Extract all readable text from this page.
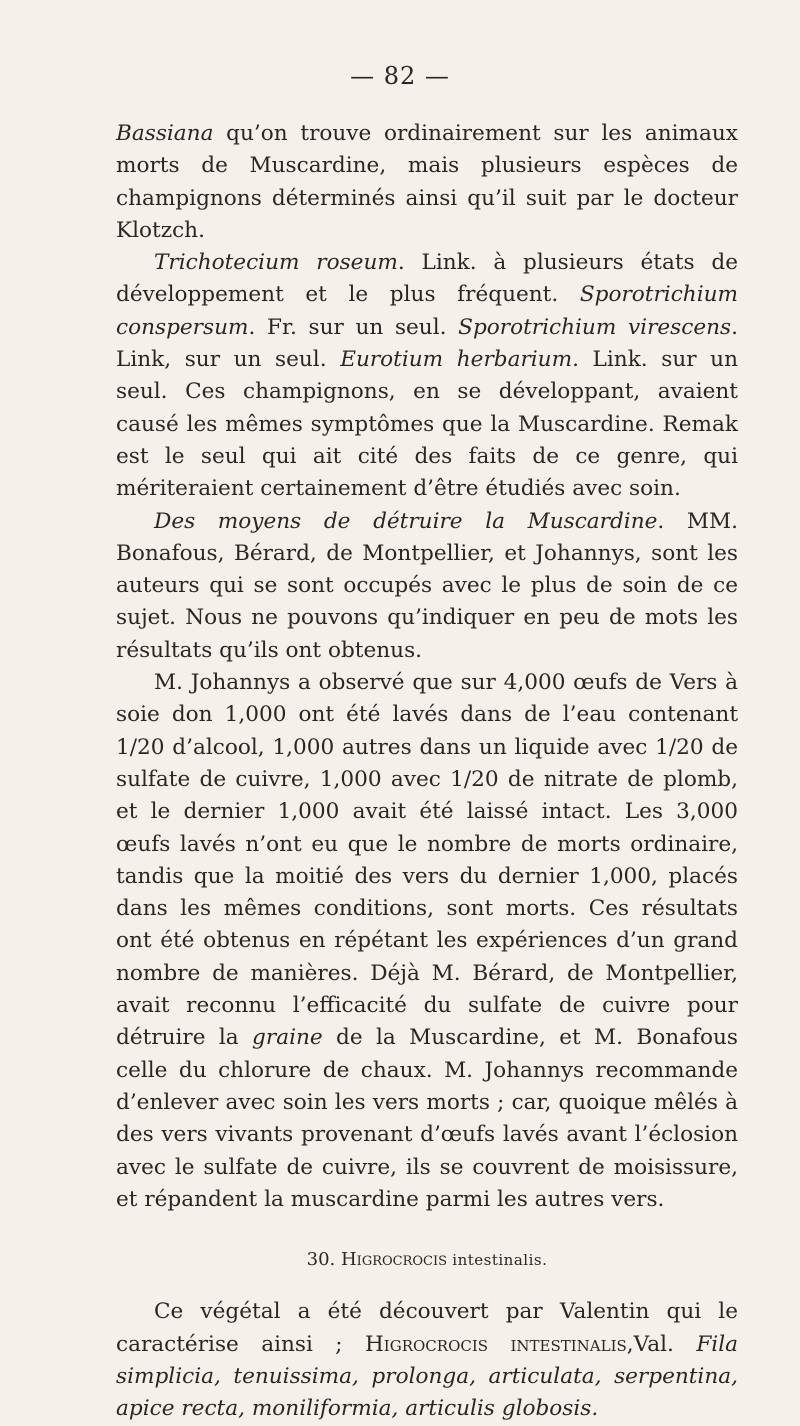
— 82 —

Bassiana qu’on trouve ordinairement sur les animaux morts de Muscardine, mais plusieurs espèces de champignons déterminés ainsi qu’il suit par le docteur Klotzch.

Trichotecium roseum. Link. à plusieurs états de développement et le plus fréquent. Sporotrichium conspersum. Fr. sur un seul. Sporotrichium virescens. Link, sur un seul. Eurotium herbarium. Link. sur un seul. Ces champignons, en se développant, avaient causé les mêmes symptômes que la Muscardine. Remak est le seul qui ait cité des faits de ce genre, qui mériteraient certainement d’être étudiés avec soin.

Des moyens de détruire la Muscardine. MM. Bonafous, Bérard, de Montpellier, et Johannys, sont les auteurs qui se sont occupés avec le plus de soin de ce sujet. Nous ne pouvons qu’indiquer en peu de mots les résultats qu’ils ont obtenus.

M. Johannys a observé que sur 4,000 œufs de Vers à soie don 1,000 ont été lavés dans de l’eau contenant 1/20 d’alcool, 1,000 autres dans un liquide avec 1/20 de sulfate de cuivre, 1,000 avec 1/20 de nitrate de plomb, et le dernier 1,000 avait été laissé intact. Les 3,000 œufs lavés n’ont eu que le nombre de morts ordinaire, tandis que la moitié des vers du dernier 1,000, placés dans les mêmes conditions, sont morts. Ces résultats ont été obtenus en répétant les expériences d’un grand nombre de manières. Déjà M. Bérard, de Montpellier, avait reconnu l’efficacité du sulfate de cuivre pour détruire la graine de la Muscardine, et M. Bonafous celle du chlorure de chaux. M. Johannys recommande d’enlever avec soin les vers morts ; car, quoique mêlés à des vers vivants provenant d’œufs lavés avant l’éclosion avec le sulfate de cuivre, ils se couvrent de moisissure, et répandent la muscardine parmi les autres vers.

30. Higrocrocis intestinalis.

Ce végétal a été découvert par Valentin qui le caractérise ainsi ; Higrocrocis intestinalis,Val. Fila simplicia, tenuissima, prolonga, articulata, serpentina, apice recta, moniliformia, articulis globosis.
